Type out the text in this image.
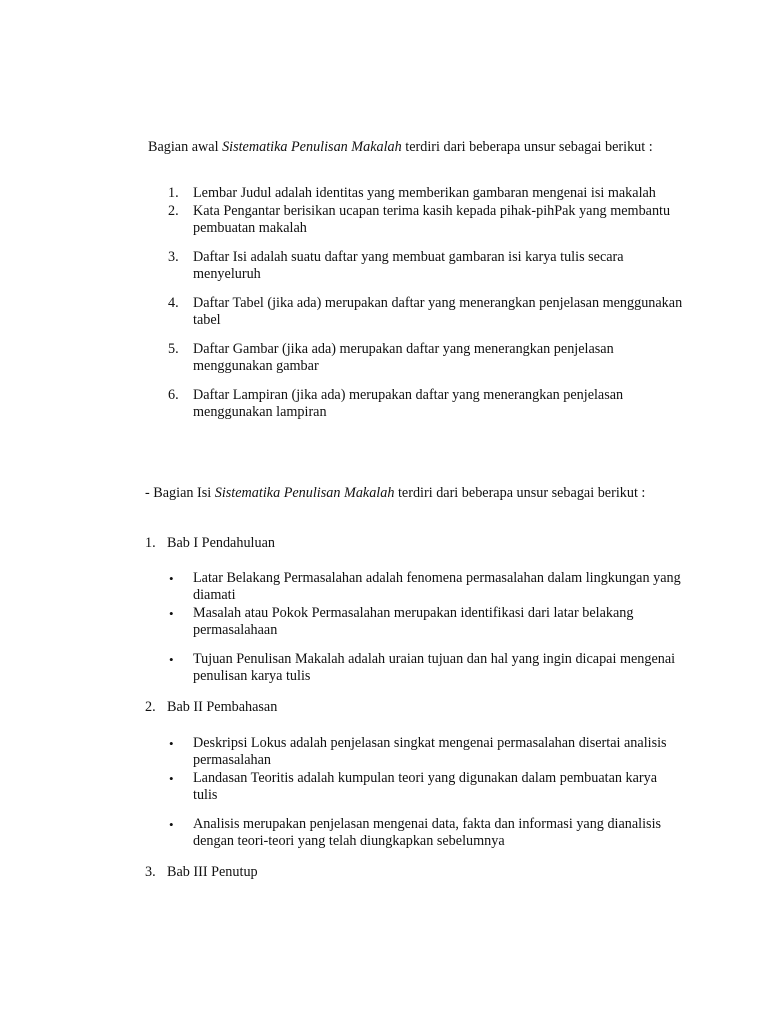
Bagian awal Sistematika Penulisan Makalah terdiri dari beberapa unsur sebagai berikut :
1. Lembar Judul adalah identitas yang memberikan gambaran mengenai isi makalah
2. Kata Pengantar berisikan ucapan terima kasih kepada pihak-pihPak yang membantu pembuatan makalah
3. Daftar Isi adalah suatu daftar yang membuat gambaran isi karya tulis secara menyeluruh
4. Daftar Tabel (jika ada) merupakan daftar yang menerangkan penjelasan menggunakan tabel
5. Daftar Gambar (jika ada) merupakan daftar yang menerangkan penjelasan menggunakan gambar
6. Daftar Lampiran (jika ada) merupakan daftar yang menerangkan penjelasan menggunakan lampiran
- Bagian Isi Sistematika Penulisan Makalah terdiri dari beberapa unsur sebagai berikut :
1. Bab I Pendahuluan
• Latar Belakang Permasalahan adalah fenomena permasalahan dalam lingkungan yang diamati
• Masalah atau Pokok Permasalahan merupakan identifikasi dari latar belakang permasalahaan
• Tujuan Penulisan Makalah adalah uraian tujuan dan hal yang ingin dicapai mengenai penulisan karya tulis
2. Bab II Pembahasan
• Deskripsi Lokus adalah penjelasan singkat mengenai permasalahan disertai analisis permasalahan
• Landasan Teoritis adalah kumpulan teori yang digunakan dalam pembuatan karya tulis
• Analisis merupakan penjelasan mengenai data, fakta dan informasi yang dianalisis dengan teori-teori yang telah diungkapkan sebelumnya
3. Bab III Penutup
